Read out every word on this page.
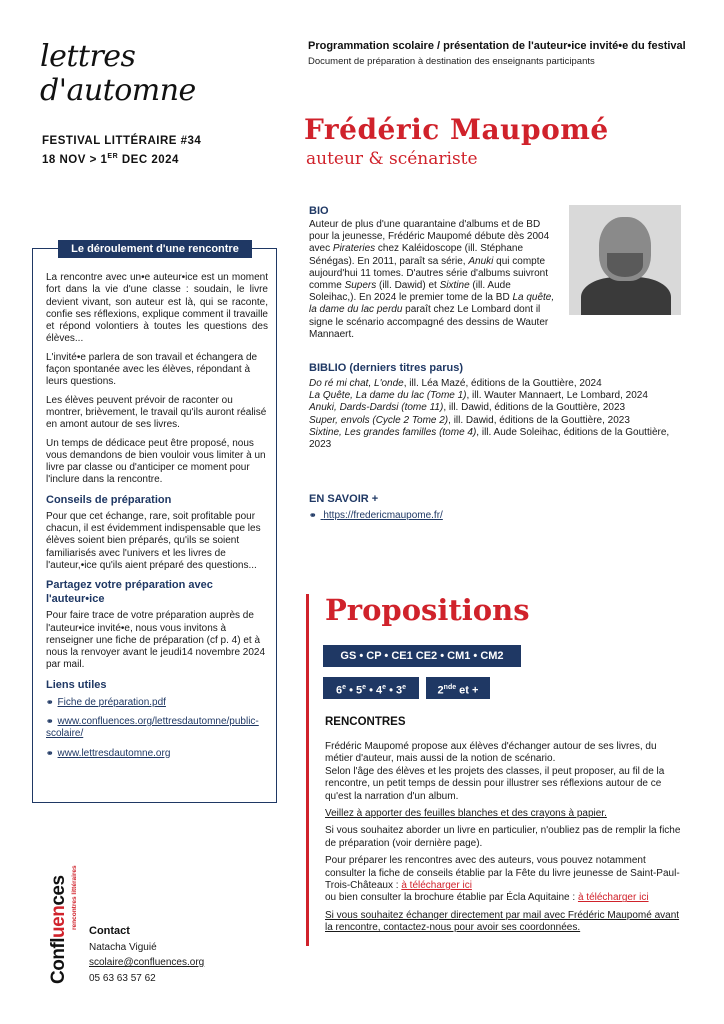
lettres
d'automne
FESTIVAL LITTÉRAIRE #34
18 NOV > 1ER DEC 2024
Programmation scolaire / présentation de l'auteur•ice invité•e du festival
Document de préparation à destination des enseignants participants
Frédéric Maupomé
auteur & scénariste
BIO
Auteur de plus d'une quarantaine d'albums et de BD pour la jeunesse, Frédéric Maupomé débute dès 2004 avec Pirateries chez Kaléidoscope (ill. Stéphane Sénégas). En 2011, paraît sa série, Anuki qui compte aujourd'hui 11 tomes. D'autres série d'albums suivront comme Supers (ill. Dawid) et Sixtine (ill. Aude Soleihac,). En 2024 le premier tome de la BD La quête, la dame du lac perdu paraît chez Le Lombard dont il signe le scénario accompagné des dessins de Wauter Mannaert.
BIBLIO (derniers titres parus)
Do ré mi chat, L'onde, ill. Léa Mazé, éditions de la Gouttière, 2024
La Quête, La dame du lac (Tome 1), ill. Wauter Mannaert, Le Lombard, 2024
Anuki, Dards-Dardsi (tome 11), ill. Dawid, éditions de la Gouttière, 2023
Super, envols (Cycle 2 Tome 2), ill. Dawid, éditions de la Gouttière, 2023
Sixtine, Les grandes familles (tome 4), ill. Aude Soleihac, éditions de la Gouttière, 2023
EN SAVOIR +
⚭ https://fredericmaupome.fr/
Le déroulement d'une rencontre

La rencontre avec un•e auteur•ice est un moment fort dans la vie d'une classe : soudain, le livre devient vivant, son auteur est là, qui se raconte, confie ses réflexions, explique comment il travaille et répond volontiers à toutes les questions des élèves...

L'invité•e parlera de son travail et échangera de façon spontanée avec les élèves, répondant à leurs questions.

Les élèves peuvent prévoir de raconter ou montrer, brièvement, le travail qu'ils auront réalisé en amont autour de ses livres.

Un temps de dédicace peut être proposé, nous vous demandons de bien vouloir vous limiter à un livre par classe ou d'anticiper ce moment pour l'inclure dans la rencontre.

Conseils de préparation

Pour que cet échange, rare, soit profitable pour chacun, il est évidemment indispensable que les élèves soient bien préparés, qu'ils se soient familiarisés avec l'univers et les livres de l'auteur,•ice qu'ils aient préparé des questions...

Partagez votre préparation avec l'auteur•ice

Pour faire trace de votre préparation auprès de l'auteur•ice invité•e, nous vous invitons à renseigner une fiche de préparation (cf p. 4) et à nous la renvoyer avant le jeudi14 novembre 2024 par mail.

Liens utiles
⚭ Fiche de préparation.pdf
⚭ www.confluences.org/lettresdautomne/public-scolaire/
⚭ www.lettresdautomne.org
Propositions
GS • CP • CE1 CE2 • CM1 • CM2
6e • 5e • 4e • 3e	2nde et +
RENCONTRES
Frédéric Maupomé propose aux élèves d'échanger autour de ses livres, du métier d'auteur, mais aussi de la notion de scénario.

Selon l'âge des élèves et les projets des classes, il peut proposer, au fil de la rencontre, un petit temps de dessin pour illustrer ses réflexions autour de ce qu'est la narration d'un album.

Veillez à apporter des feuilles blanches et des crayons à papier.

Si vous souhaitez aborder un livre en particulier, n'oubliez pas de remplir la fiche de préparation (voir dernière page).

Pour préparer les rencontres avec des auteurs, vous pouvez notamment consulter la fiche de conseils établie par la Fête du livre jeunesse de Saint-Paul-Trois-Châteaux : à télécharger ici

ou bien consulter la brochure établie par Écla Aquitaine : à télécharger ici

Si vous souhaitez échanger directement par mail avec Frédéric Maupomé avant la rencontre, contactez-nous pour avoir ses coordonnées.

Confluences rencontres littéraires
Contact
Natacha Viguié
scolaire@confluences.org
05 63 63 57 62
